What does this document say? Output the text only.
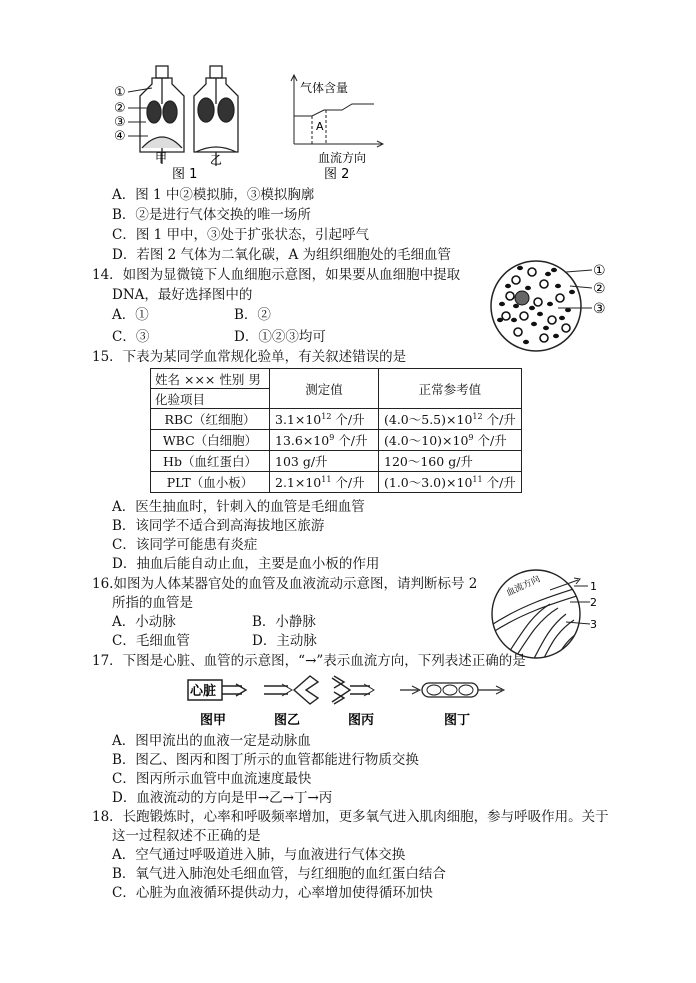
①
②
③
④
甲	乙
图 1
气体含量
A
血流方向
图 2
A．图 1 中②模拟肺，③模拟胸廓
B．②是进行气体交换的唯一场所
C．图 1 甲中，③处于扩张状态，引起呼气
D．若图 2 气体为二氧化碳，A 为组织细胞处的毛细血管
14．如图为显微镜下人血细胞示意图，如果要从血细胞中提取
DNA，最好选择图中的
A．①	B．②
C．③	D．①②③均可
①
②
③
15．下表为某同学血常规化验单，有关叙述错误的是
姓名 ××× 性别 男
化验项目	测定值	正常参考值
RBC（红细胞）	$3.1\times 10^{12}$ 个/升	$(4.0\sim 5.5)\times 10^{12}$ 个/升
WBC（白细胞）	$13.6\times 10^9$ 个/升	$(4.0\sim 10)\times 10^9$ 个/升
Hb（血红蛋白）	103 g/升	120～160 g/升
PLT（血小板）	$2.1\times 10^{11}$ 个/升	$(1.0\sim 3.0)\times 10^{11}$ 个/升
A．医生抽血时，针刺入的血管是毛细血管
B．该同学不适合到高海拔地区旅游
C．该同学可能患有炎症
D．抽血后能自动止血，主要是血小板的作用
16.如图为人体某器官处的血管及血液流动示意图，请判断标号 2
所指的血管是
A．小动脉	B．小静脉
C．毛细血管	D．主动脉
血流方向	1
2
3
17．下图是心脏、血管的示意图，“→”表示血流方向，下列表述正确的是
心脏
图甲	图乙	图丙	图丁
A．图甲流出的血液一定是动脉血
B．图乙、图丙和图丁所示的血管都能进行物质交换
C．图丙所示血管中血流速度最快
D．血液流动的方向是甲→乙→丁→丙
18．长跑锻炼时，心率和呼吸频率增加，更多氧气进入肌肉细胞，参与呼吸作用。关于
这一过程叙述不正确的是
A．空气通过呼吸道进入肺，与血液进行气体交换
B．氧气进入肺泡处毛细血管，与红细胞的血红蛋白结合
C．心脏为血液循环提供动力，心率增加使得循环加快
